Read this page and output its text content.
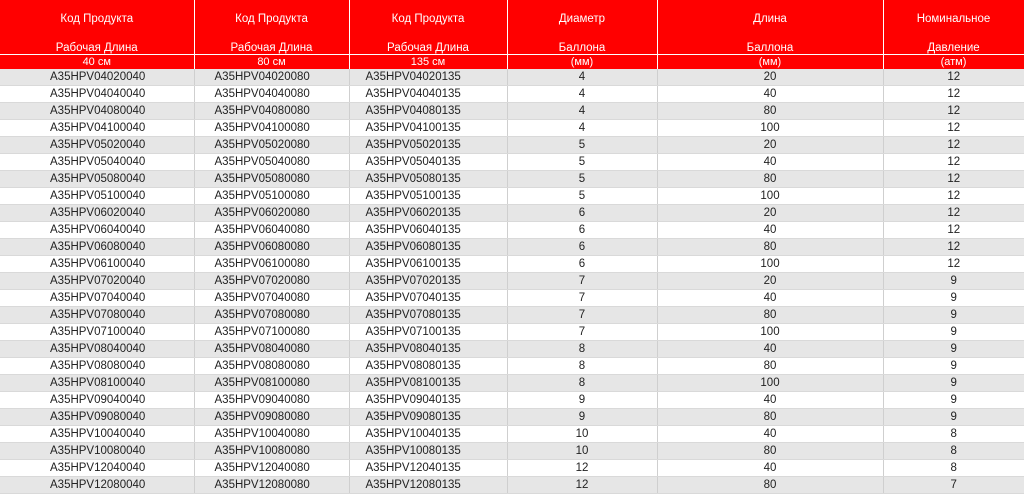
Код Продукта	Код Продукта	Код Продукта	Диаметр	Длина	Номинальное
Рабочая Длина	Рабочая Длина	Рабочая Длина	Баллона	Баллона	Давление
40 см	80 см	135 см	(мм)	(мм)	(атм)
A35HPV04020040	A35HPV04020080	A35HPV04020135	4	20	12
A35HPV04040040	A35HPV04040080	A35HPV04040135	4	40	12
A35HPV04080040	A35HPV04080080	A35HPV04080135	4	80	12
A35HPV04100040	A35HPV04100080	A35HPV04100135	4	100	12
A35HPV05020040	A35HPV05020080	A35HPV05020135	5	20	12
A35HPV05040040	A35HPV05040080	A35HPV05040135	5	40	12
A35HPV05080040	A35HPV05080080	A35HPV05080135	5	80	12
A35HPV05100040	A35HPV05100080	A35HPV05100135	5	100	12
A35HPV06020040	A35HPV06020080	A35HPV06020135	6	20	12
A35HPV06040040	A35HPV06040080	A35HPV06040135	6	40	12
A35HPV06080040	A35HPV06080080	A35HPV06080135	6	80	12
A35HPV06100040	A35HPV06100080	A35HPV06100135	6	100	12
A35HPV07020040	A35HPV07020080	A35HPV07020135	7	20	9
A35HPV07040040	A35HPV07040080	A35HPV07040135	7	40	9
A35HPV07080040	A35HPV07080080	A35HPV07080135	7	80	9
A35HPV07100040	A35HPV07100080	A35HPV07100135	7	100	9
A35HPV08040040	A35HPV08040080	A35HPV08040135	8	40	9
A35HPV08080040	A35HPV08080080	A35HPV08080135	8	80	9
A35HPV08100040	A35HPV08100080	A35HPV08100135	8	100	9
A35HPV09040040	A35HPV09040080	A35HPV09040135	9	40	9
A35HPV09080040	A35HPV09080080	A35HPV09080135	9	80	9
A35HPV10040040	A35HPV10040080	A35HPV10040135	10	40	8
A35HPV10080040	A35HPV10080080	A35HPV10080135	10	80	8
A35HPV12040040	A35HPV12040080	A35HPV12040135	12	40	8
A35HPV12080040	A35HPV12080080	A35HPV12080135	12	80	7
